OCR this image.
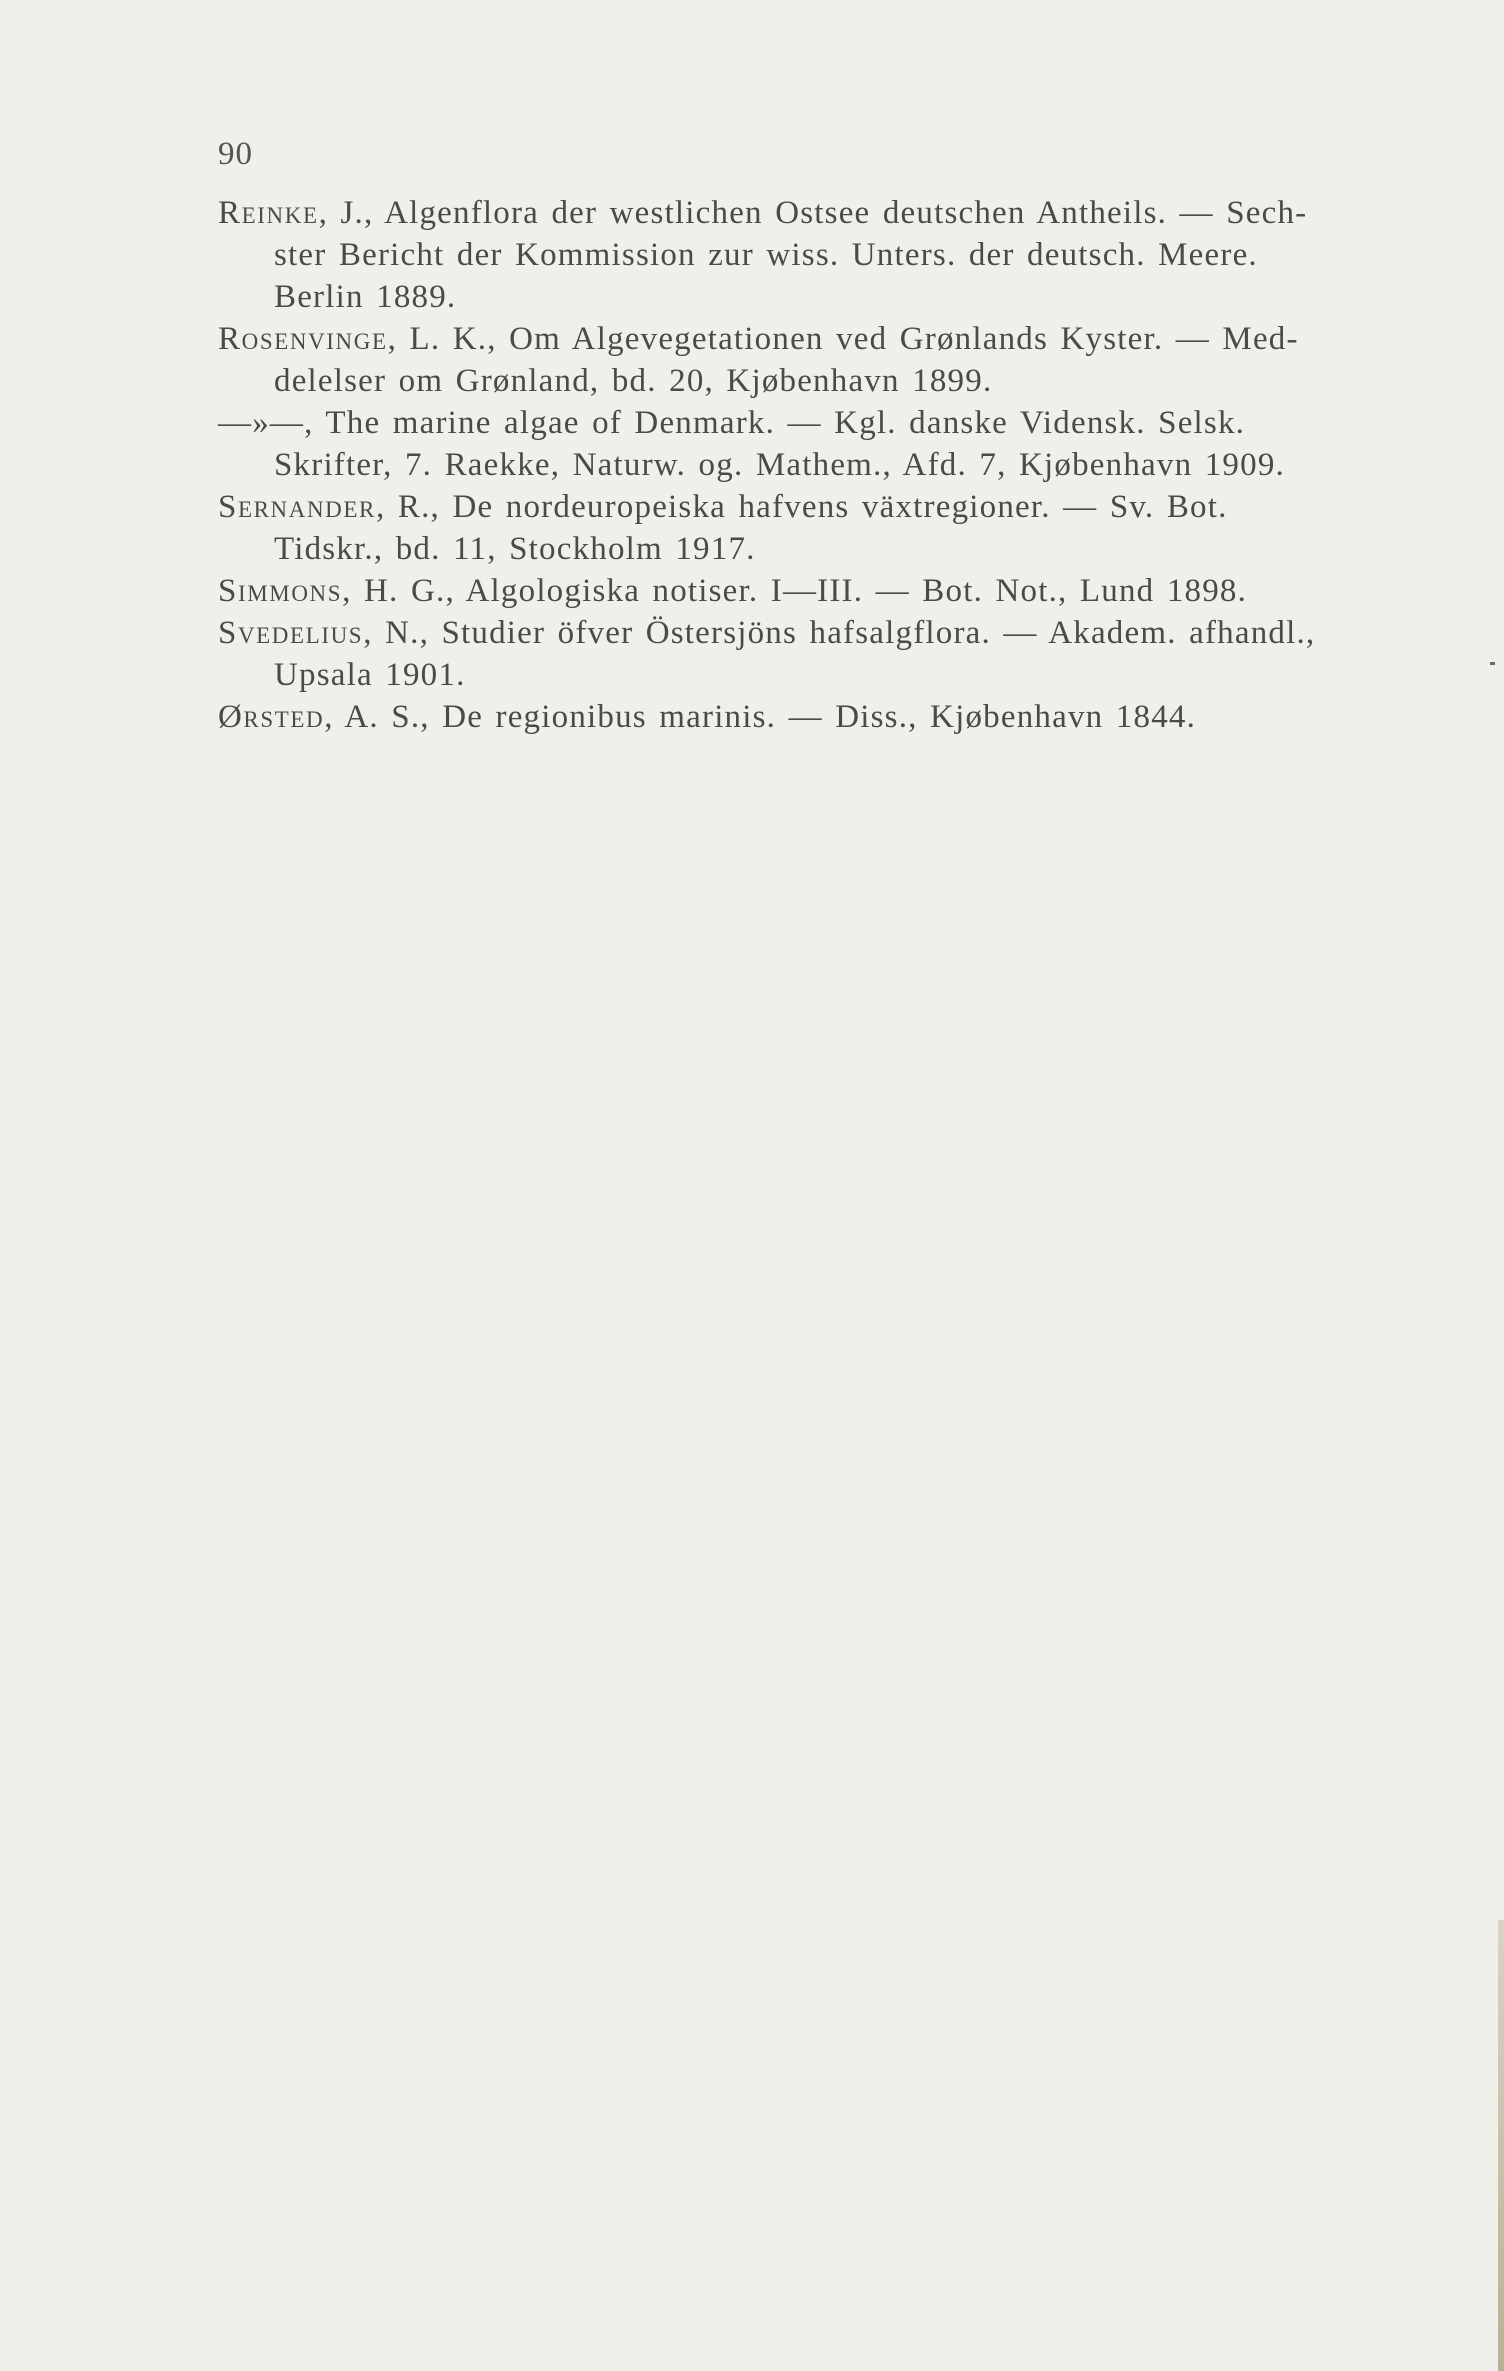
90

Reinke, J., Algenflora der westlichen Ostsee deutschen Antheils. — Sech-
ster Bericht der Kommission zur wiss. Unters. der deutsch. Meere.
Berlin 1889.

Rosenvinge, L. K., Om Algevegetationen ved Grønlands Kyster. — Med-
delelser om Grønland, bd. 20, Kjøbenhavn 1899.

—»—, The marine algae of Denmark. — Kgl. danske Vidensk. Selsk.
Skrifter, 7. Raekke, Naturw. og. Mathem., Afd. 7, Kjøbenhavn 1909.

Sernander, R., De nordeuropeiska hafvens växtregioner. — Sv. Bot.
Tidskr., bd. 11, Stockholm 1917.

Simmons, H. G., Algologiska notiser. I—III. — Bot. Not., Lund 1898.

Svedelius, N., Studier öfver Östersjöns hafsalgflora. — Akadem. afhandl.,
Upsala 1901.

Ørsted, A. S., De regionibus marinis. — Diss., Kjøbenhavn 1844.
